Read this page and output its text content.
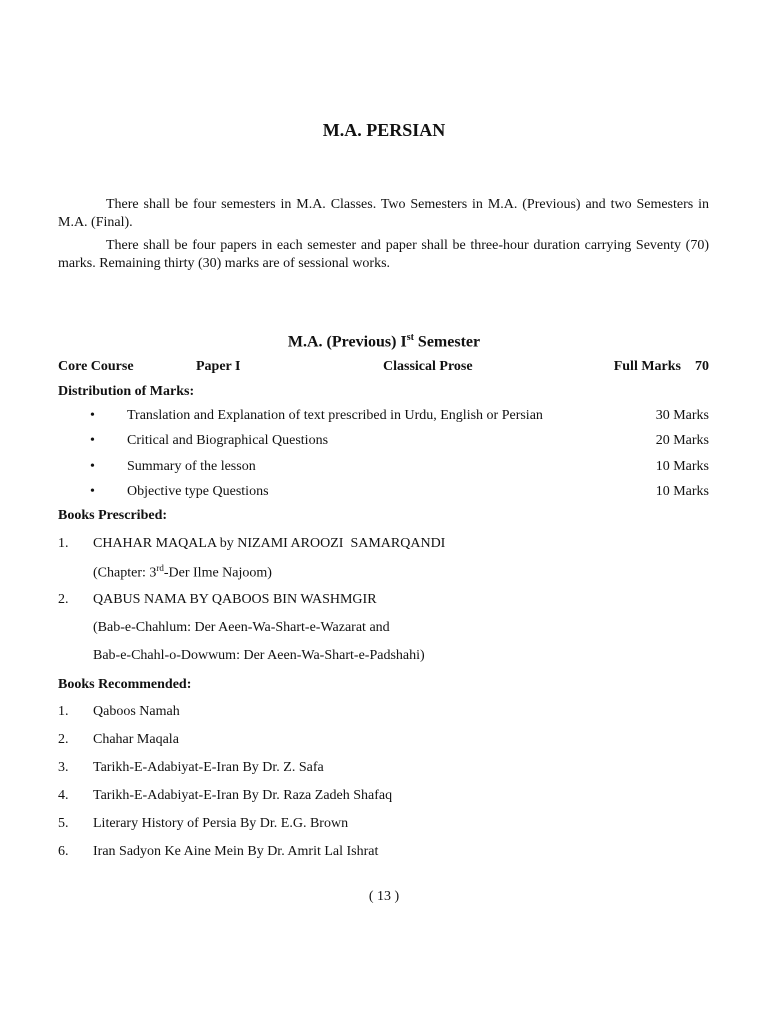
M.A. PERSIAN
There shall be four semesters in M.A. Classes. Two Semesters in M.A. (Previous) and two Semesters in M.A. (Final).
There shall be four papers in each semester and paper shall be three-hour duration carrying Seventy (70) marks. Remaining thirty (30) marks are of sessional works.
M.A. (Previous) Ist Semester
Core Course	Paper I	Classical Prose	Full Marks    70
Distribution of Marks:
• Translation and Explanation of text prescribed in Urdu, English or Persian	30 Marks
• Critical and Biographical Questions	20 Marks
• Summary of the lesson	10 Marks
• Objective type Questions	10 Marks
Books Prescribed:
1. CHAHAR MAQALA by NIZAMI AROOZI  SAMARQANDI
(Chapter: 3rd-Der Ilme Najoom)
2. QABUS NAMA BY QABOOS BIN WASHMGIR
(Bab-e-Chahlum: Der Aeen-Wa-Shart-e-Wazarat and
Bab-e-Chahl-o-Dowwum: Der Aeen-Wa-Shart-e-Padshahi)
Books Recommended:
1. Qaboos Namah
2. Chahar Maqala
3. Tarikh-E-Adabiyat-E-Iran By Dr. Z. Safa
4. Tarikh-E-Adabiyat-E-Iran By Dr. Raza Zadeh Shafaq
5. Literary History of Persia By Dr. E.G. Brown
6. Iran Sadyon Ke Aine Mein By Dr. Amrit Lal Ishrat
( 13 )
